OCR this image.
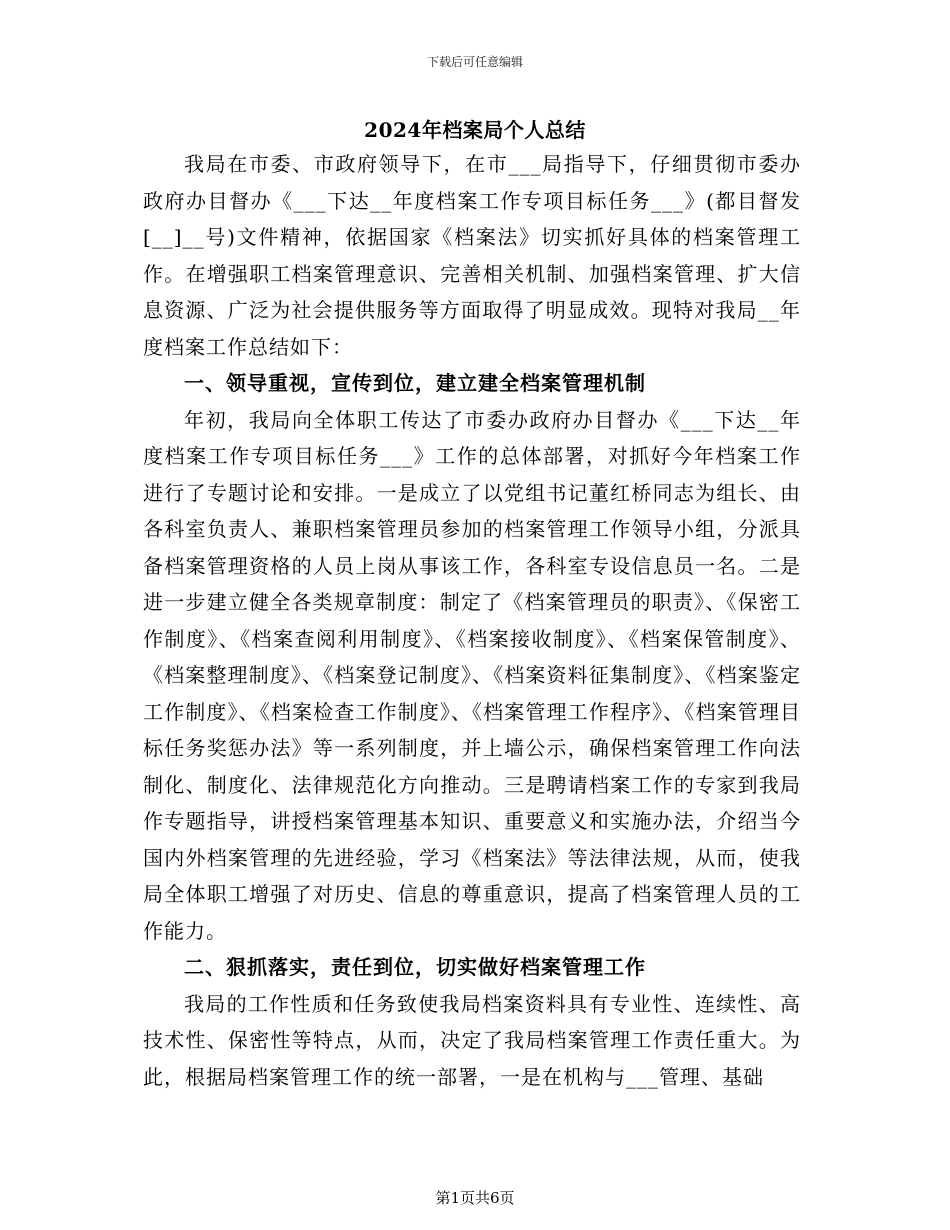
下载后可任意编辑
2024年档案局个人总结

我局在市委、市政府领导下，在市___局指导下，仔细贯彻市委办政府办目督办《___下达__年度档案工作专项目标任务___》(都目督发[__]__号)文件精神，依据国家《档案法》切实抓好具体的档案管理工作。在增强职工档案管理意识、完善相关机制、加强档案管理、扩大信息资源、广泛为社会提供服务等方面取得了明显成效。现特对我局__年度档案工作总结如下：

一、领导重视，宣传到位，建立建全档案管理机制

年初，我局向全体职工传达了市委办政府办目督办《___下达__年度档案工作专项目标任务___》工作的总体部署，对抓好今年档案工作进行了专题讨论和安排。一是成立了以党组书记董红桥同志为组长、由各科室负责人、兼职档案管理员参加的档案管理工作领导小组，分派具备档案管理资格的人员上岗从事该工作，各科室专设信息员一名。二是进一步建立健全各类规章制度：制定了《档案管理员的职责》、《保密工作制度》、《档案查阅利用制度》、《档案接收制度》、《档案保管制度》、《档案整理制度》、《档案登记制度》、《档案资料征集制度》、《档案鉴定工作制度》、《档案检查工作制度》、《档案管理工作程序》、《档案管理目标任务奖惩办法》等一系列制度，并上墙公示，确保档案管理工作向法制化、制度化、法律规范化方向推动。三是聘请档案工作的专家到我局作专题指导，讲授档案管理基本知识、重要意义和实施办法，介绍当今国内外档案管理的先进经验，学习《档案法》等法律法规，从而，使我局全体职工增强了对历史、信息的尊重意识，提高了档案管理人员的工作能力。

二、狠抓落实，责任到位，切实做好档案管理工作

我局的工作性质和任务致使我局档案资料具有专业性、连续性、高技术性、保密性等特点，从而，决定了我局档案管理工作责任重大。为此，根据局档案管理工作的统一部署，一是在机构与___管理、基础

第1页共6页
